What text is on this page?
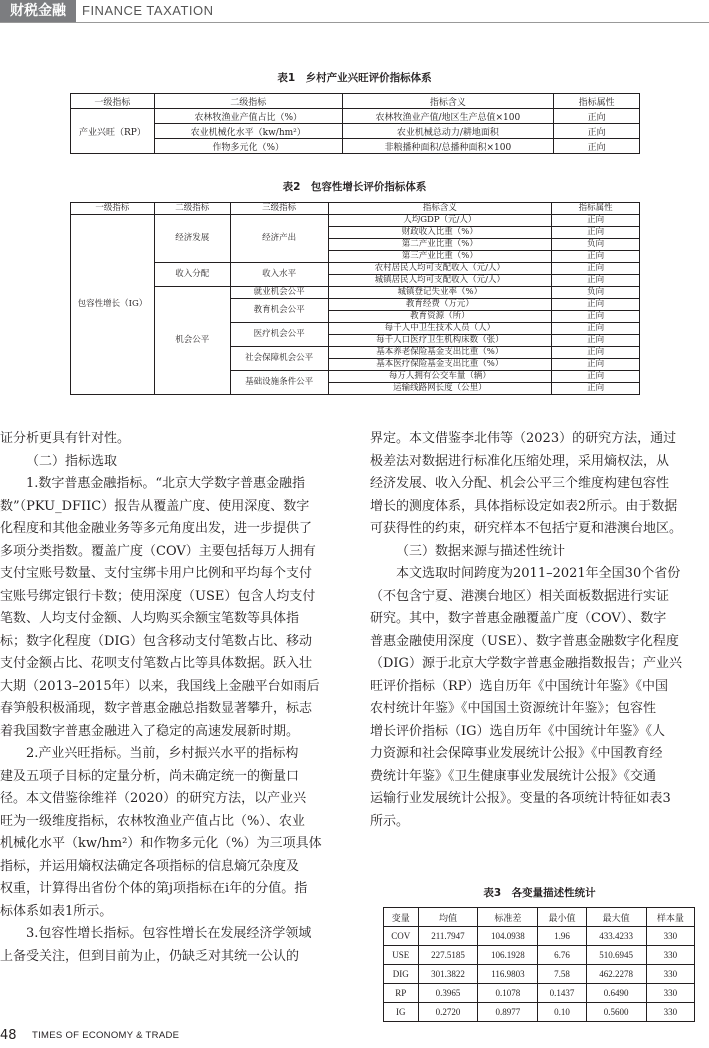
财税金融	FINANCE TAXATION
表1　乡村产业兴旺评价指标体系
一级指标	二级指标	指标含义	指标属性
产业兴旺（RP）	农林牧渔业产值占比（%）	农林牧渔业产值/地区生产总值×100	正向
	农业机械化水平（kw/hm²）	农业机械总动力/耕地面积	正向
	作物多元化（%）	非粮播种面积/总播种面积×100	正向
表2　包容性增长评价指标体系
一级指标	二级指标	三级指标	指标含义	指标属性
包容性增长（IG）	经济发展	经济产出	人均GDP（元/人）	正向
			财政收入比重（%）	正向
			第二产业比重（%）	负向
			第三产业比重（%）	正向
	收入分配	收入水平	农村居民人均可支配收入（元/人）	正向
			城镇居民人均可支配收入（元/人）	正向
	机会公平	就业机会公平	城镇登记失业率（%）	负向
		教育机会公平	教育经费（万元）	正向
			教育资源（所）	正向
		医疗机会公平	每千人中卫生技术人员（人）	正向
			每千人口医疗卫生机构床数（张）	正向
		社会保障机会公平	基本养老保险基金支出比重（%）	正向
			基本医疗保险基金支出比重（%）	正向
		基础设施条件公平	每万人拥有公交车量（辆）	正向
			运输线路网长度（公里）	正向
证分析更具有针对性。
（二）指标选取
1.数字普惠金融指标。“北京大学数字普惠金融指
数”（PKU_DFIIC）报告从覆盖广度、使用深度、数字
化程度和其他金融业务等多元角度出发，进一步提供了
多项分类指数。覆盖广度（COV）主要包括每万人拥有
支付宝账号数量、支付宝绑卡用户比例和平均每个支付
宝账号绑定银行卡数；使用深度（USE）包含人均支付
笔数、人均支付金额、人均购买余额宝笔数等具体指
标；数字化程度（DIG）包含移动支付笔数占比、移动
支付金额占比、花呗支付笔数占比等具体数据。跃入壮
大期（2013–2015年）以来，我国线上金融平台如雨后
春笋般积极涌现，数字普惠金融总指数显著攀升，标志
着我国数字普惠金融进入了稳定的高速发展新时期。
2.产业兴旺指标。当前，乡村振兴水平的指标构
建及五项子目标的定量分析，尚未确定统一的衡量口
径。本文借鉴徐维祥（2020）的研究方法，以产业兴
旺为一级维度指标，农林牧渔业产值占比（%）、农业
机械化水平（kw/hm²）和作物多元化（%）为三项具体
指标，并运用熵权法确定各项指标的信息熵冗杂度及
权重，计算得出省份个体的第j项指标在i年的分值。指
标体系如表1所示。
3.包容性增长指标。包容性增长在发展经济学领域
上备受关注，但到目前为止，仍缺乏对其统一公认的
界定。本文借鉴李北伟等（2023）的研究方法，通过
极差法对数据进行标准化压缩处理，采用熵权法，从
经济发展、收入分配、机会公平三个维度构建包容性
增长的测度体系，具体指标设定如表2所示。由于数据
可获得性的约束，研究样本不包括宁夏和港澳台地区。
（三）数据来源与描述性统计
本文选取时间跨度为2011–2021年全国30个省份
（不包含宁夏、港澳台地区）相关面板数据进行实证
研究。其中，数字普惠金融覆盖广度（COV）、数字
普惠金融使用深度（USE）、数字普惠金融数字化程度
（DIG）源于北京大学数字普惠金融指数报告；产业兴
旺评价指标（RP）选自历年《中国统计年鉴》《中国
农村统计年鉴》《中国国土资源统计年鉴》；包容性
增长评价指标（IG）选自历年《中国统计年鉴》《人
力资源和社会保障事业发展统计公报》《中国教育经
费统计年鉴》《卫生健康事业发展统计公报》《交通
运输行业发展统计公报》。变量的各项统计特征如表3
所示。
表3　各变量描述性统计
变量	均值	标准差	最小值	最大值	样本量
COV	211.7947	104.0938	1.96	433.4233	330
USE	227.5185	106.1928	6.76	510.6945	330
DIG	301.3822	116.9803	7.58	462.2278	330
RP	0.3965	0.1078	0.1437	0.6490	330
IG	0.2720	0.8977	0.10	0.5600	330
48 TIMES OF ECONOMY & TRADE
